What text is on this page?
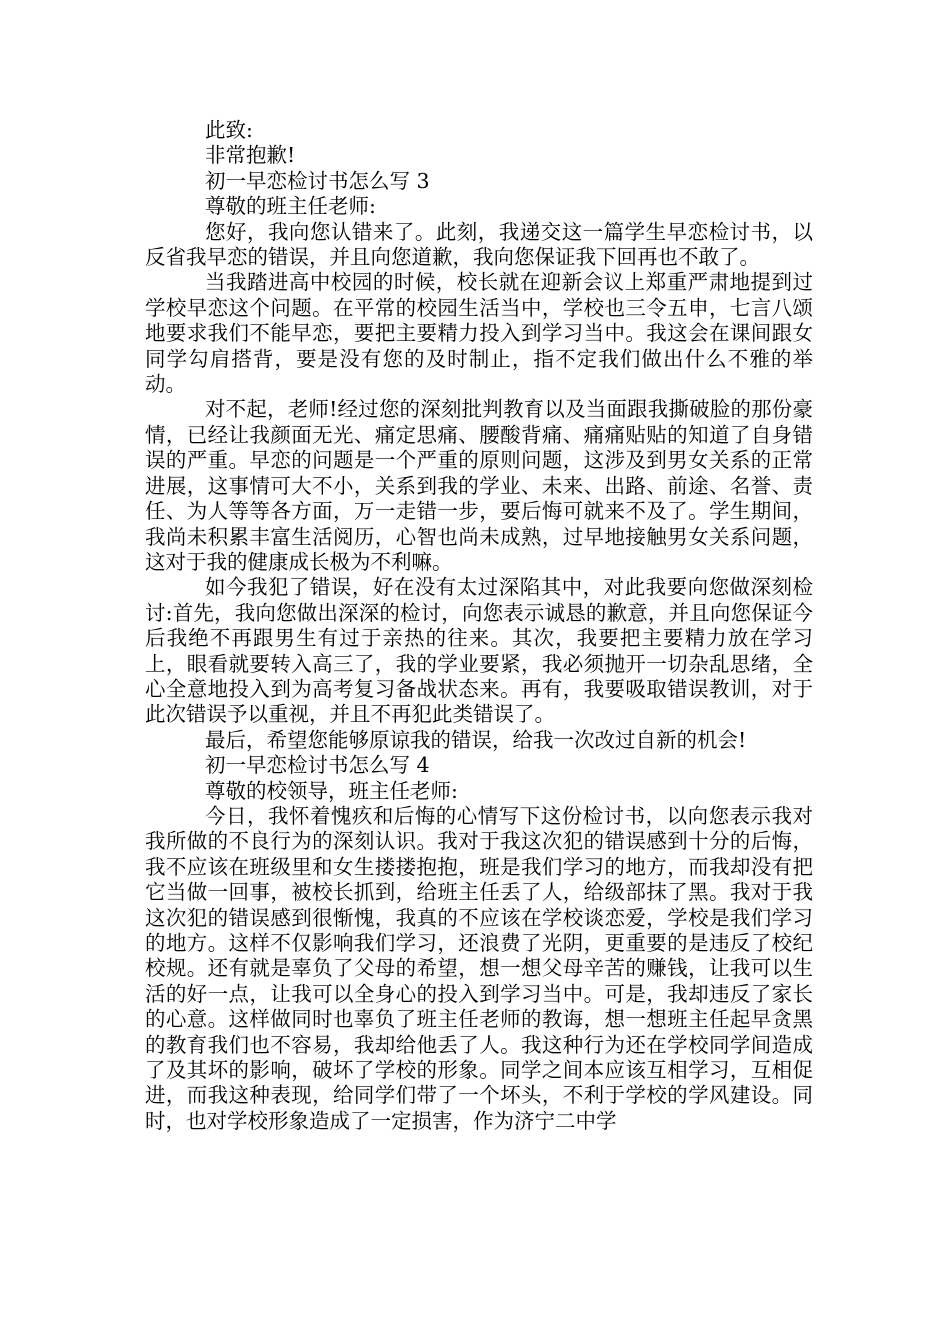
此致:

非常抱歉!

初一早恋检讨书怎么写 3

尊敬的班主任老师:

您好，我向您认错来了。此刻，我递交这一篇学生早恋检讨书，以反省我早恋的错误，并且向您道歉，我向您保证我下回再也不敢了。

当我踏进高中校园的时候，校长就在迎新会议上郑重严肃地提到过学校早恋这个问题。在平常的校园生活当中，学校也三令五申，七言八颂地要求我们不能早恋，要把主要精力投入到学习当中。我这会在课间跟女同学勾肩搭背，要是没有您的及时制止，指不定我们做出什么不雅的举动。

对不起，老师!经过您的深刻批判教育以及当面跟我撕破脸的那份豪情，已经让我颜面无光、痛定思痛、腰酸背痛、痛痛贴贴的知道了自身错误的严重。早恋的问题是一个严重的原则问题，这涉及到男女关系的正常进展，这事情可大不小，关系到我的学业、未来、出路、前途、名誉、责任、为人等等各方面，万一走错一步，要后悔可就来不及了。学生期间，我尚未积累丰富生活阅历，心智也尚未成熟，过早地接触男女关系问题，这对于我的健康成长极为不利嘛。

如今我犯了错误，好在没有太过深陷其中，对此我要向您做深刻检讨:首先，我向您做出深深的检讨，向您表示诚恳的歉意，并且向您保证今后我绝不再跟男生有过于亲热的往来。其次，我要把主要精力放在学习上，眼看就要转入高三了，我的学业要紧，我必须抛开一切杂乱思绪，全心全意地投入到为高考复习备战状态来。再有，我要吸取错误教训，对于此次错误予以重视，并且不再犯此类错误了。

最后，希望您能够原谅我的错误，给我一次改过自新的机会!

初一早恋检讨书怎么写 4

尊敬的校领导，班主任老师:

今日，我怀着愧疚和后悔的心情写下这份检讨书，以向您表示我对我所做的不良行为的深刻认识。我对于我这次犯的错误感到十分的后悔，我不应该在班级里和女生搂搂抱抱，班是我们学习的地方，而我却没有把它当做一回事，被校长抓到，给班主任丢了人，给级部抹了黑。我对于我这次犯的错误感到很惭愧，我真的不应该在学校谈恋爱，学校是我们学习的地方。这样不仅影响我们学习，还浪费了光阴，更重要的是违反了校纪校规。还有就是辜负了父母的希望，想一想父母辛苦的赚钱，让我可以生活的好一点，让我可以全身心的投入到学习当中。可是，我却违反了家长的心意。这样做同时也辜负了班主任老师的教诲，想一想班主任起早贪黑的教育我们也不容易，我却给他丢了人。我这种行为还在学校同学间造成了及其坏的影响，破坏了学校的形象。同学之间本应该互相学习，互相促进，而我这种表现，给同学们带了一个坏头，不利于学校的学风建设。同时，也对学校形象造成了一定损害，作为济宁二中学
